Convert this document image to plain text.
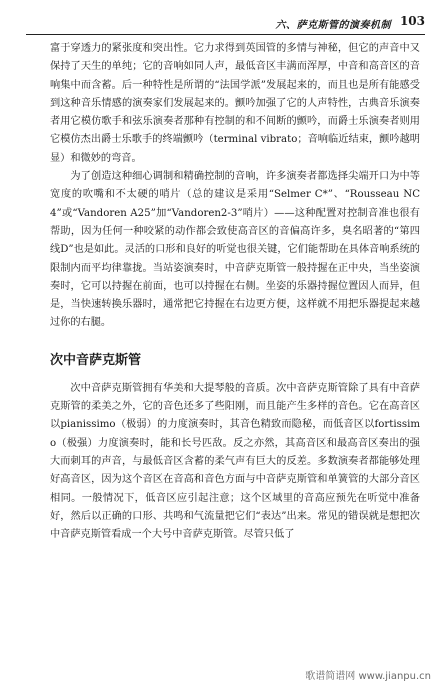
六、萨克斯管的演奏机制 103

富于穿透力的紧张度和突出性。它力求得到英国管的多情与神秘，但它的声音中又保持了天生的单纯；它的音响如同人声，最低音区丰满而浑厚，中音和高音区的音响集中而含蓄。后一种特性是所谓的“法国学派”发展起来的，而且也是所有能感受到这种音乐情感的演奏家们发展起来的。颤吟加强了它的人声特性，古典音乐演奏者用它模仿歌手和弦乐演奏者那种有控制的和不间断的颤吟，而爵士乐演奏者则用它模仿杰出爵士乐歌手的终端颤吟（terminal vibrato；音响临近结束，颤吟越明显）和微妙的弯音。

为了创造这种细心调制和精确控制的音响，许多演奏者都选择尖端开口为中等宽度的吹嘴和不太硬的哨片（总的建议是采用“Selmer C*”、“Rousseau NC4”或“Vandoren A25”加“Vandoren2-3”哨片）——这种配置对控制音准也很有帮助，因为任何一种咬紧的动作都会致使高音区的音偏高许多，臭名昭著的“第四线D”也是如此。灵活的口形和良好的听觉也很关键，它们能帮助在具体音响系统的限制内而平均律靠拢。当站姿演奏时，中音萨克斯管一般持握在正中央，当坐姿演奏时，它可以持握在前面，也可以持握在右侧。坐姿的乐器持握位置因人而异，但是，当快速转换乐器时，通常把它持握在右边更方便，这样就不用把乐器提起来越过你的右腿。

次中音萨克斯管

次中音萨克斯管拥有华美和大提琴般的音质。次中音萨克斯管除了具有中音萨克斯管的柔美之外，它的音色还多了些阳刚，而且能产生多样的音色。它在高音区以pianissimo（极弱）的力度演奏时，其音色精致而隐秘，而低音区以fortissimo（极强）力度演奏时，能和长号匹敌。反之亦然，其高音区和最高音区奏出的强大而刺耳的声音，与最低音区含蓄的柔气声有巨大的反差。多数演奏者都能够处理好高音区，因为这个音区在音高和音色方面与中音萨克斯管和单簧管的大部分音区相同。一般情况下，低音区应引起注意；这个区域里的音高应预先在听觉中准备好，然后以正确的口形、共鸣和气流量把它们“表达”出来。常见的错误就是想把次中音萨克斯管看成一个大号中音萨克斯管。尽管只低了

歌谱简谱网 www.jianpu.cn
